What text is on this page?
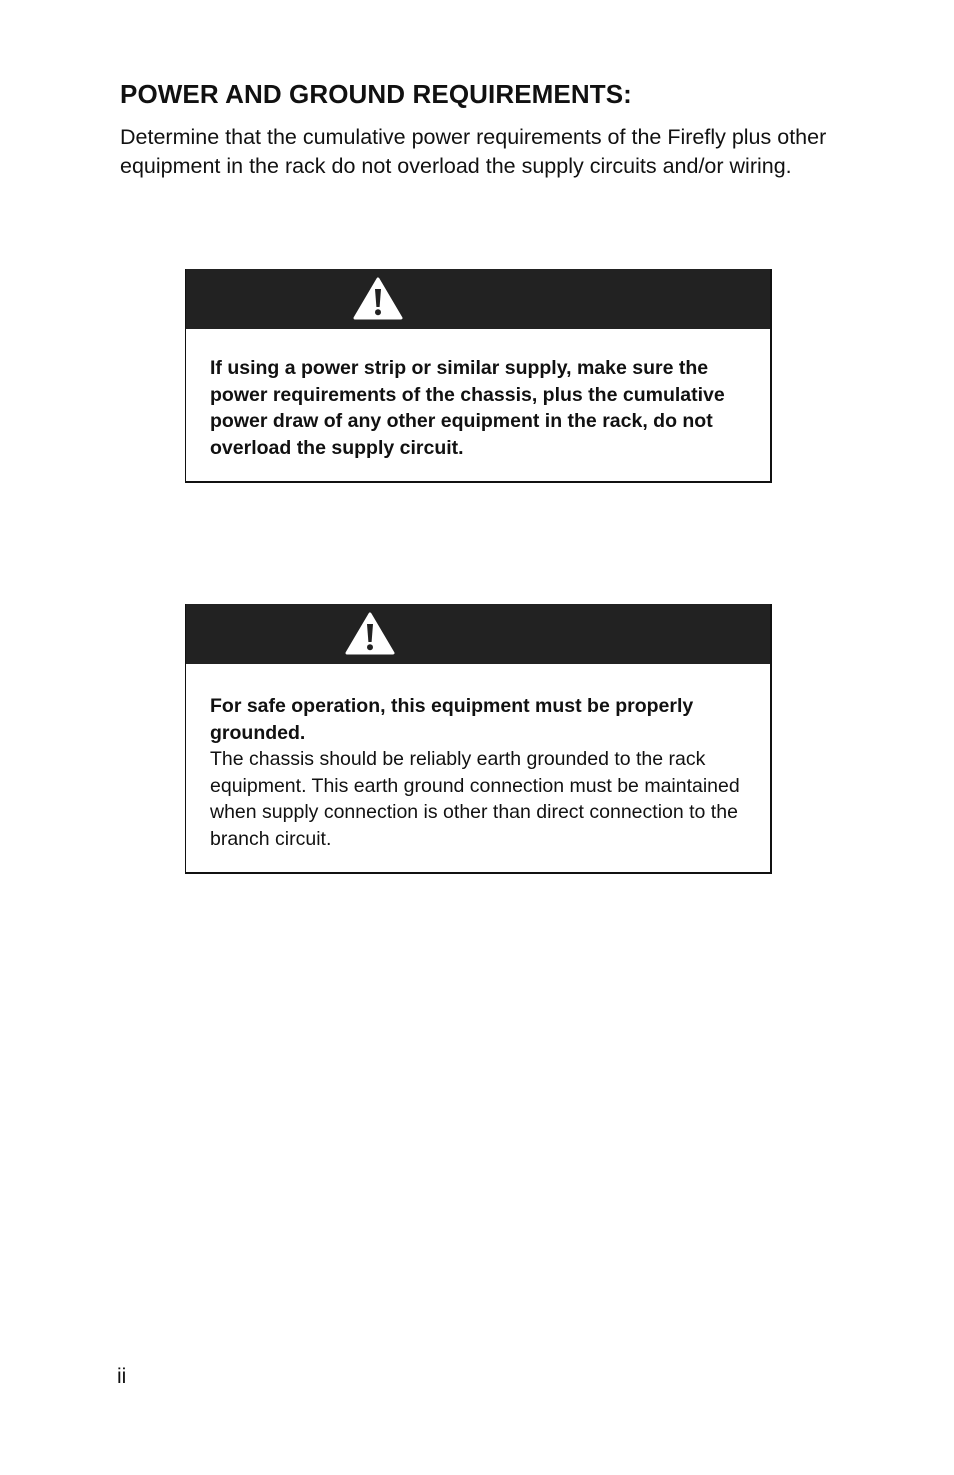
POWER AND GROUND REQUIREMENTS:

Determine that the cumulative power requirements of the Firefly plus other equipment in the rack do not overload the supply circuits and/or wiring.

If using a power strip or similar supply, make sure the power requirements of the chassis, plus the cumulative power draw of any other equipment in the rack, do not overload the supply circuit.
For safe operation, this equipment must be properly grounded.
The chassis should be reliably earth grounded to the rack equipment. This earth ground connection must be maintained when supply connection is other than direct connection to the branch circuit.
ii
